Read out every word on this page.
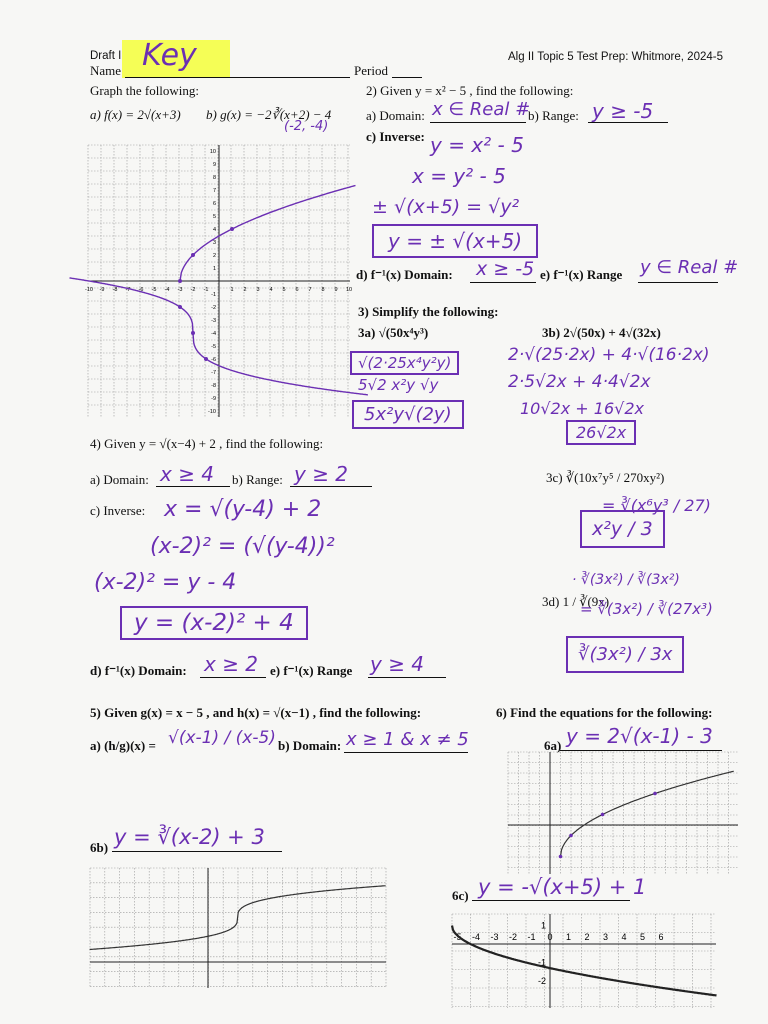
Draft I
Name Key	Period
Alg II Topic 5 Test Prep: Whitmore, 2024-5
Graph the following:
a) f(x) = 2√(x+3) b) g(x) = −2∛(x+2) − 4
(-2, -4)
-10 -9 -8 -7 -6 -5 -4 -3 -2 -1	1 2 3 4 5 6 7 8 9 10
10
9
8
7
6
5
4
3
2
1
-1
-2
-3
-4
-5
-6
-7
-8
-9
-10
2) Given y = x² − 5 , find the following:
a) Domain: x ∈ Real #
b) Range: y ≥ -5
c) Inverse: y = x² - 5
x = y² - 5
± √(x+5) = √y²
y = ± √(x+5)
d) f⁻¹(x) Domain: x ≥ -5 e) f⁻¹(x) Range y ∈ Real #
3) Simplify the following:
3a) √(50x⁴y³)
√(2·25x⁴y²y)
5√2 x²y √y
5x²y√(2y)
3b) 2√(50x) + 4√(32x)
2·√(25·2x) + 4·√(16·2x)
2·5√2x + 4·4√2x
10√2x + 16√2x
26√2x
3c) ∛(10x⁷y⁵ / 270xy²)
= ∛(x⁶y³ / 27)
x²y / 3
3d) 1 / ∛(9x)
· ∛(3x²) / ∛(3x²)
= ∛(3x²) / ∛(27x³)
∛(3x²) / 3x
4) Given y = √(x−4) + 2 , find the following:
a) Domain: x ≥ 4 b) Range: y ≥ 2
c) Inverse: x = √(y-4) + 2
(x-2)² = (√(y-4))²
(x-2)² = y - 4
y = (x-2)² + 4
d) f⁻¹(x) Domain: x ≥ 2 e) f⁻¹(x) Range y ≥ 4
5) Given g(x) = x − 5 , and h(x) = √(x−1) , find the following:
a) (h/g)(x) = √(x-1) / (x-5) b) Domain: x ≥ 1 & x ≠ 5
6) Find the equations for the following:
6a) y = 2√(x-1) - 3
6b) y = ∛(x-2) + 3
6c) y = -√(x+5) + 1
-5 -4 -3 -2 -1 0 1 2 3 4 5 6
1
-1
-2
